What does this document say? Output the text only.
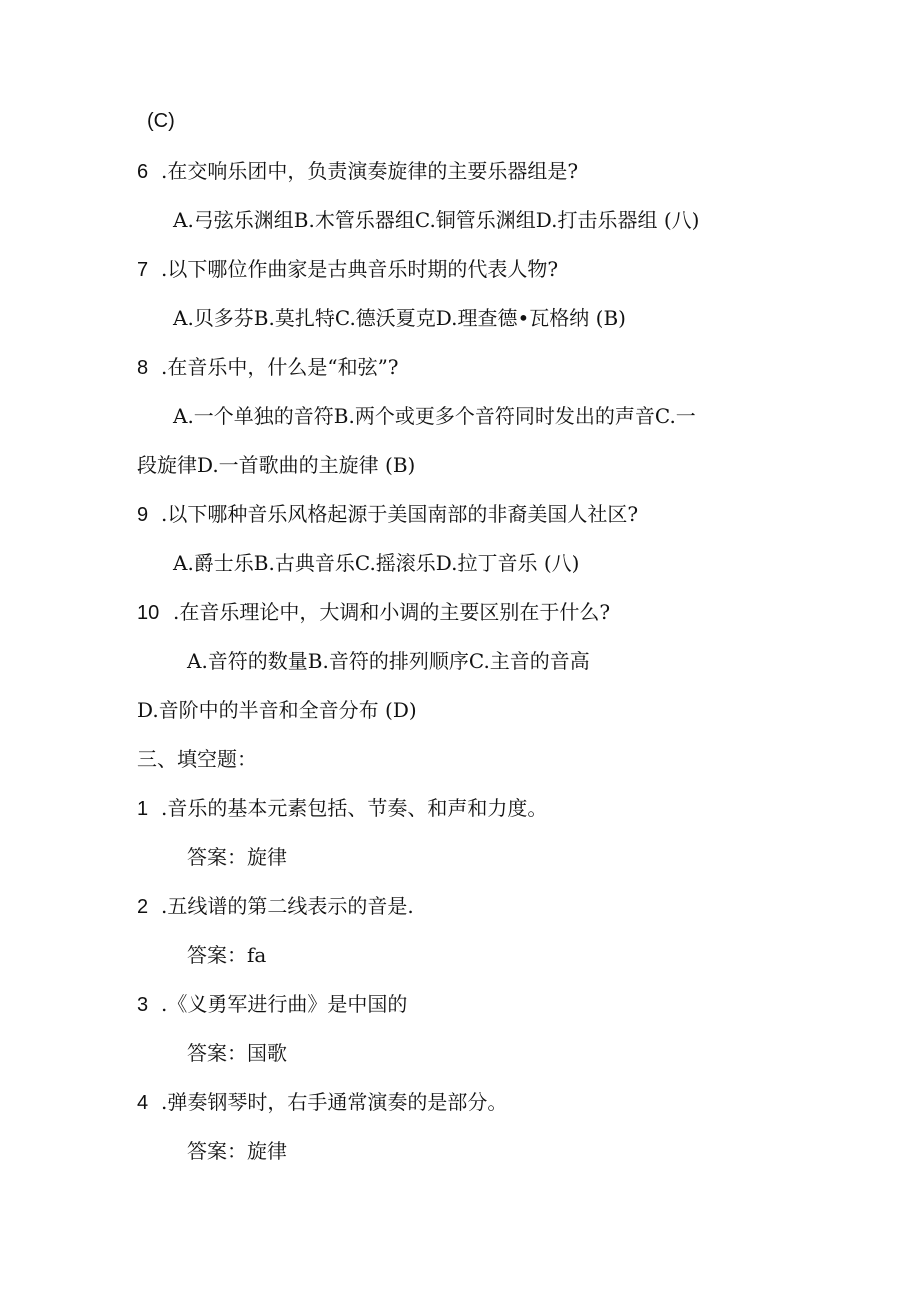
(C)
6 .在交响乐团中，负责演奏旋律的主要乐器组是?
A.弓弦乐渊组B.木管乐器组C.铜管乐渊组D.打击乐器组 (八)
7 .以下哪位作曲家是古典音乐时期的代表人物?
A.贝多芬B.莫扎特C.德沃夏克D.理查德•瓦格纳 (B)
8 .在音乐中，什么是“和弦”?
A.一个单独的音符B.两个或更多个音符同时发出的声音C.一
段旋律D.一首歌曲的主旋律 (B)
9 .以下哪种音乐风格起源于美国南部的非裔美国人社区?
A.爵士乐B.古典音乐C.摇滚乐D.拉丁音乐 (八)
10 .在音乐理论中，大调和小调的主要区别在于什么?
A.音符的数量B.音符的排列顺序C.主音的音高
D.音阶中的半音和全音分布 (D)
三、填空题：
1 .音乐的基本元素包括、节奏、和声和力度。
答案：旋律
2 .五线谱的第二线表示的音是.
答案：fa
3 .《义勇军进行曲》是中国的
答案：国歌
4 .弹奏钢琴时，右手通常演奏的是部分。
答案：旋律
